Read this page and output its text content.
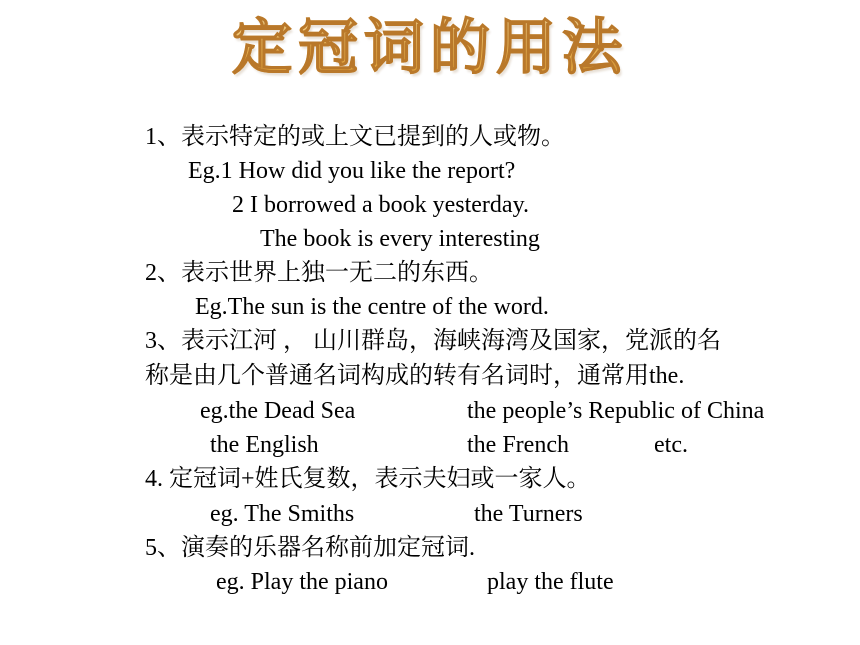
定冠词的用法
1、表示特定的或上文已提到的人或物。
Eg.1 How did you like the report?
2 I borrowed a book yesterday.
The book is every interesting
2、表示世界上独一无二的东西。
Eg.The sun is the centre of the word.
3、表示江河 ， 山川群岛，海峡海湾及国家，党派的名
称是由几个普通名词构成的转有名词时，通常用the.
eg.the Dead Sea	the people’s Republic of China
the English	the French	etc.
4. 定冠词+姓氏复数，表示夫妇或一家人。
eg. The Smiths	the Turners
5、演奏的乐器名称前加定冠词.
eg. Play the piano	play the flute
